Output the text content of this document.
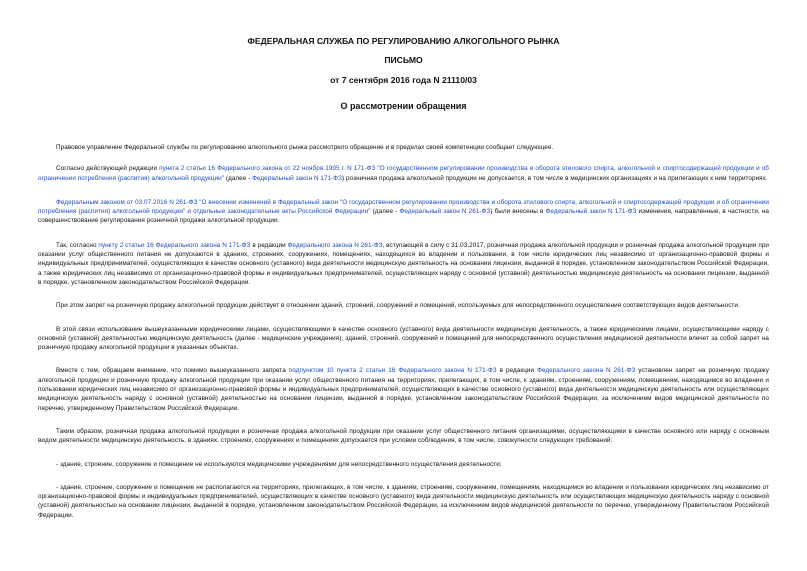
ФЕДЕРАЛЬНАЯ СЛУЖБА ПО РЕГУЛИРОВАНИЮ АЛКОГОЛЬНОГО РЫНКА

ПИСЬМО

от 7 сентября 2016 года N 21110/03

О рассмотрении обращения

Правовое управление Федеральной службы по регулированию алкогольного рынка рассмотрело обращение и в пределах своей компетенции сообщает следующее.

Согласно действующей редакции пункта 2 статьи 16 Федерального закона от 22 ноября 1995 г. N 171-ФЗ "О государственном регулировании производства и оборота этилового спирта, алкогольной и спиртосодержащей продукции и об ограничении потребления (распития) алкогольной продукции" (далее - Федеральный закон N 171-ФЗ) розничная продажа алкогольной продукции не допускается, в том числе в медицинских организациях и на прилегающих к ним территориях.

Федеральным законом от 03.07.2016 N 261-ФЗ "О внесении изменений в Федеральный закон "О государственном регулировании производства и оборота этилового спирта, алкогольной и спиртосодержащей продукции и об ограничении потребления (распития) алкогольной продукции" и отдельные законодательные акты Российской Федерации" (далее - Федеральный закон N 261-ФЗ) были внесены в Федеральный закон N 171-ФЗ изменения, направленные, в частности, на совершенствование регулирования розничной продажи алкогольной продукции.

Так, согласно пункту 2 статьи 16 Федерального закона N 171-ФЗ в редакции Федерального закона N 261-ФЗ, вступающей в силу с 31.03.2017, розничная продажа алкогольной продукции и розничная продажа алкогольной продукции при оказании услуг общественного питания не допускаются в зданиях, строениях, сооружениях, помещениях, находящихся во владении и пользовании, в том числе юридических лиц независимо от организационно-правовой формы и индивидуальных предпринимателей, осуществляющих в качестве основного (уставного) вида деятельности медицинскую деятельность на основании лицензии, выданной в порядке, установленном законодательством Российской Федерации, а также юридических лиц независимо от организационно-правовой формы и индивидуальных предпринимателей, осуществляющих наряду с основной (уставной) деятельностью медицинскую деятельность на основании лицензии, выданной в порядке, установленном законодательством Российской Федерации.

При этом запрет на розничную продажу алкогольной продукции действует в отношении зданий, строений, сооружений и помещений, используемых для непосредственного осуществления соответствующих видов деятельности.

В этой связи использование вышеуказанными юридическими лицами, осуществляющими в качестве основного (уставного) вида деятельности медицинскую деятельность, а также юридическими лицами, осуществляющими наряду с основной (уставной) деятельностью медицинскую деятельность (далее - медицинские учреждения), зданий, строений, сооружений и помещений для непосредственного осуществления медицинской деятельности влечет за собой запрет на розничную продажу алкогольной продукции в указанных объектах.

Вместе с тем, обращаем внимание, что помимо вышеуказанного запрета подпунктом 10 пункта 2 статьи 16 Федерального закона N 171-ФЗ в редакции Федерального закона N 261-ФЗ установлен запрет на розничную продажу алкогольной продукции и розничную продажу алкогольной продукции при оказании услуг общественного питания на территориях, прилегающих, в том числе, к зданиям, строениям, сооружениям, помещениям, находящимся во владении и пользовании юридических лиц независимо от организационно-правовой формы и индивидуальных предпринимателей, осуществляющих в качестве основного (уставного) вида деятельности медицинскую деятельность или осуществляющих медицинскую деятельность наряду с основной (уставной) деятельностью на основании лицензии, выданной в порядке, установленном законодательством Российской Федерации, за исключением видов медицинской деятельности по перечню, утвержденному Правительством Российской Федерации.

Таким образом, розничная продажа алкогольной продукции и розничная продажа алкогольной продукции при оказании услуг общественного питания организациями, осуществляющими в качестве основного или наряду с основным видом деятельности медицинскую деятельность, в зданиях, строениях, сооружениях и помещениях допускается при условии соблюдения, в том числе, совокупности следующих требований:

- здание, строение, сооружение и помещение не используются медицинскими учреждениями для непосредственного осуществления деятельности;

- здание, строение, сооружение и помещение не располагаются на территориях, прилегающих, в том числе, к зданиям, строениям, сооружениям, помещениям, находящимся во владении и пользовании юридических лиц независимо от организационно-правовой формы и индивидуальных предпринимателей, осуществляющих в качестве основного (уставного) вида деятельности медицинскую деятельность или осуществляющих медицинскую деятельность наряду с основной (уставной) деятельностью на основании лицензии, выданной в порядке, установленном законодательством Российской Федерации, за исключением видов медицинской деятельности по перечню, утвержденному Правительством Российской Федерации.
